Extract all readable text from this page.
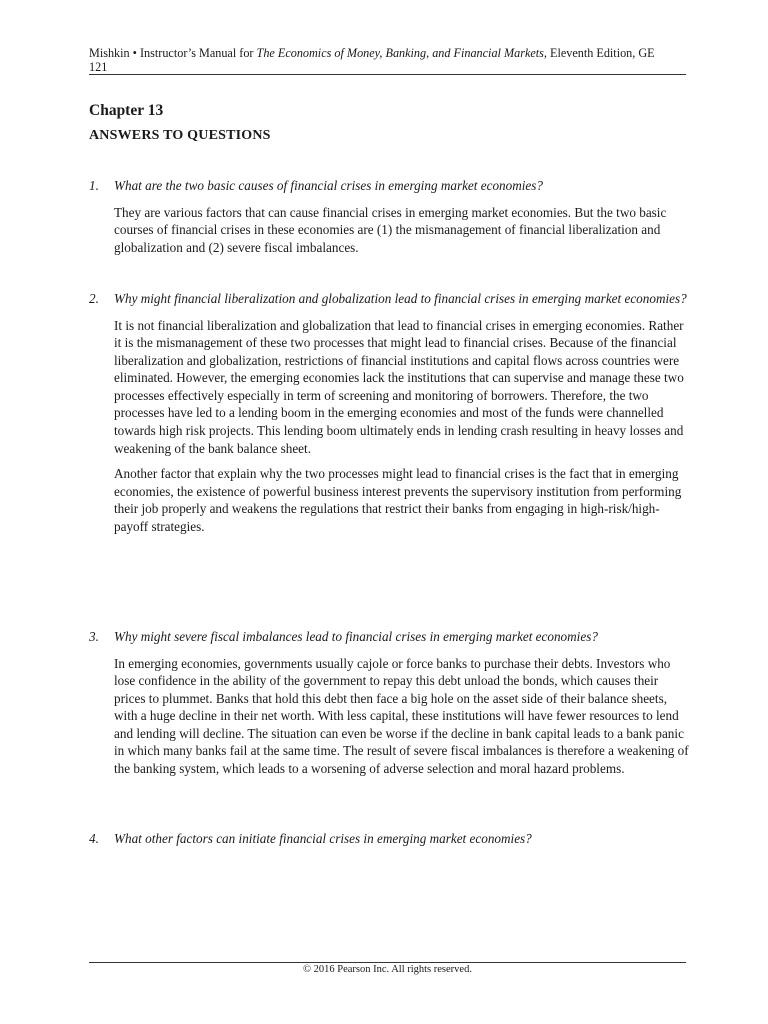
Mishkin • Instructor’s Manual for The Economics of Money, Banking, and Financial Markets, Eleventh Edition, GE
121
Chapter 13
ANSWERS TO QUESTIONS
1.	What are the two basic causes of financial crises in emerging market economies?

They are various factors that can cause financial crises in emerging market economies. But the two basic courses of financial crises in these economies are (1) the mismanagement of financial liberalization and globalization and (2) severe fiscal imbalances.

2.	Why might financial liberalization and globalization lead to financial crises in emerging market economies?

It is not financial liberalization and globalization that lead to financial crises in emerging economies. Rather it is the mismanagement of these two processes that might lead to financial crises. Because of the financial liberalization and globalization, restrictions of financial institutions and capital flows across countries were eliminated. However, the emerging economies lack the institutions that can supervise and manage these two processes effectively especially in term of screening and monitoring of borrowers. Therefore, the two processes have led to a lending boom in the emerging economies and most of the funds were channelled towards high risk projects. This lending boom ultimately ends in lending crash resulting in heavy losses and weakening of the bank balance sheet.

Another factor that explain why the two processes might lead to financial crises is the fact that in emerging economies, the existence of powerful business interest prevents the supervisory institution from performing their job properly and weakens the regulations that restrict their banks from engaging in high-risk/high-payoff strategies.

3.	Why might severe fiscal imbalances lead to financial crises in emerging market economies?

In emerging economies, governments usually cajole or force banks to purchase their debts. Investors who lose confidence in the ability of the government to repay this debt unload the bonds, which causes their prices to plummet. Banks that hold this debt then face a big hole on the asset side of their balance sheets, with a huge decline in their net worth. With less capital, these institutions will have fewer resources to lend and lending will decline. The situation can even be worse if the decline in bank capital leads to a bank panic in which many banks fail at the same time. The result of severe fiscal imbalances is therefore a weakening of the banking system, which leads to a worsening of adverse selection and moral hazard problems.

4.	What other factors can initiate financial crises in emerging market economies?
© 2016 Pearson Inc. All rights reserved.
